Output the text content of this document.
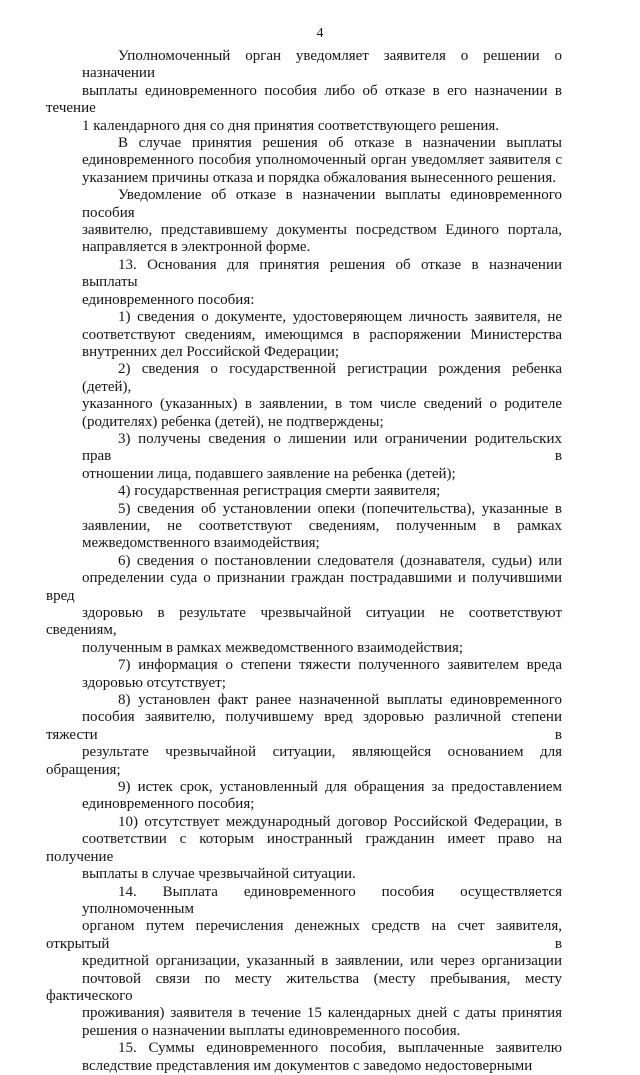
4

Уполномоченный орган уведомляет заявителя о решении о назначении
выплаты единовременного пособия либо об отказе в его назначении в течение
1 календарного дня со дня принятия соответствующего решения.

В случае принятия решения об отказе в назначении выплаты
единовременного пособия уполномоченный орган уведомляет заявителя с
указанием причины отказа и порядка обжалования вынесенного решения.

Уведомление об отказе в назначении выплаты единовременного пособия
заявителю, представившему документы посредством Единого портала,
направляется в электронной форме.

13. Основания для принятия решения об отказе в назначении выплаты
единовременного пособия:

1) сведения о документе, удостоверяющем личность заявителя, не
соответствуют сведениям, имеющимся в распоряжении Министерства
внутренних дел Российской Федерации;

2) сведения о государственной регистрации рождения ребенка (детей),
указанного (указанных) в заявлении, в том числе сведений о родителе
(родителях) ребенка (детей), не подтверждены;

3) получены сведения о лишении или ограничении родительских прав в
отношении лица, подавшего заявление на ребенка (детей);

4) государственная регистрация смерти заявителя;

5) сведения об установлении опеки (попечительства), указанные в
заявлении, не соответствуют сведениям, полученным в рамках
межведомственного взаимодействия;

6) сведения о постановлении следователя (дознавателя, судьи) или
определении суда о признании граждан пострадавшими и получившими вред
здоровью в результате чрезвычайной ситуации не соответствуют сведениям,
полученным в рамках межведомственного взаимодействия;

7) информация о степени тяжести полученного заявителем вреда
здоровью отсутствует;

8) установлен факт ранее назначенной выплаты единовременного
пособия заявителю, получившему вред здоровью различной степени тяжести в
результате чрезвычайной ситуации, являющейся основанием для обращения;

9) истек срок, установленный для обращения за предоставлением
единовременного пособия;

10) отсутствует международный договор Российской Федерации, в
соответствии с которым иностранный гражданин имеет право на получение
выплаты в случае чрезвычайной ситуации.

14. Выплата единовременного пособия осуществляется уполномоченным
органом путем перечисления денежных средств на счет заявителя, открытый в
кредитной организации, указанный в заявлении, или через организации
почтовой связи по месту жительства (месту пребывания, месту фактического
проживания) заявителя в течение 15 календарных дней с даты принятия
решения о назначении выплаты единовременного пособия.

15. Суммы единовременного пособия, выплаченные заявителю
вследствие представления им документов с заведомо недостоверными
